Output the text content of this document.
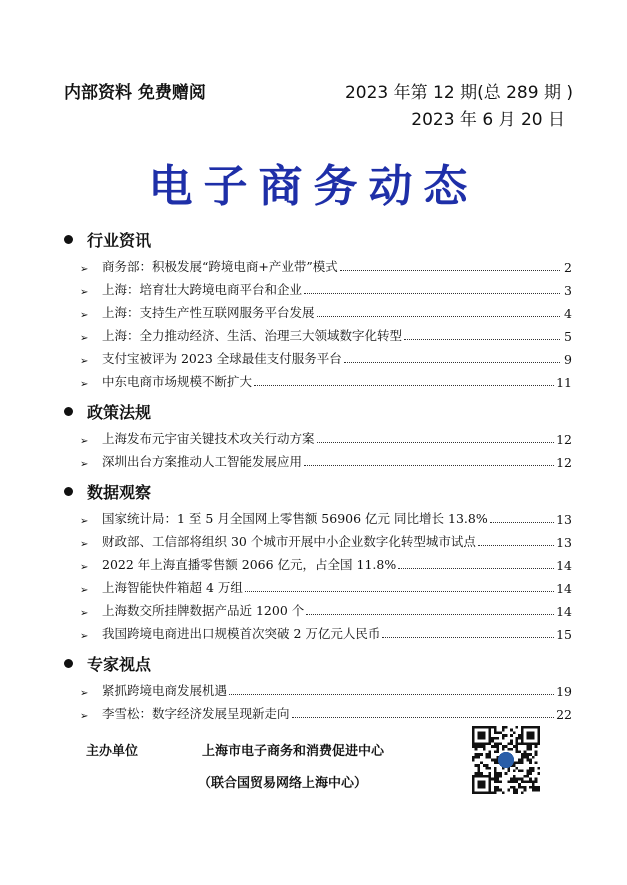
内部资料 免费赠阅	2023 年第 12 期(总 289 期 )
2023 年 6 月 20 日
电子商务动态
行业资讯
➢	商务部：积极发展“跨境电商+产业带”模式	2
➢	上海：培育壮大跨境电商平台和企业	3
➢	上海：支持生产性互联网服务平台发展	4
➢	上海：全力推动经济、生活、治理三大领域数字化转型	5
➢	支付宝被评为 2023 全球最佳支付服务平台	9
➢	中东电商市场规模不断扩大	11
政策法规
➢	上海发布元宇宙关键技术攻关行动方案	12
➢	深圳出台方案推动人工智能发展应用	12
数据观察
➢	国家统计局：1 至 5 月全国网上零售额 56906 亿元 同比增长 13.8%	13
➢	财政部、工信部将组织 30 个城市开展中小企业数字化转型城市试点	13
➢	2022 年上海直播零售额 2066 亿元，占全国 11.8%	14
➢	上海智能快件箱超 4 万组	14
➢	上海数交所挂牌数据产品近 1200 个	14
➢	我国跨境电商进出口规模首次突破 2 万亿元人民币	15
专家视点
➢	紧抓跨境电商发展机遇	19
➢	李雪松：数字经济发展呈现新走向	22
主办单位	上海市电子商务和消费促进中心
（联合国贸易网络上海中心）
